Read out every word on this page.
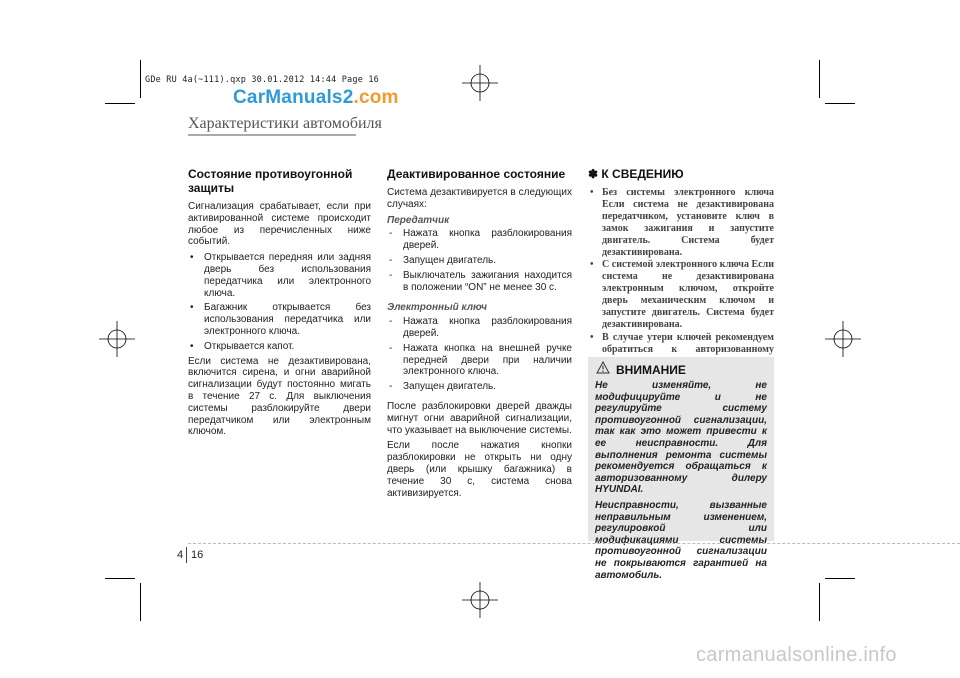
GDe RU 4a(~111).qxp 30.01.2012 14:44 Page 16
CarManuals2.com
Характеристики автомобиля
Состояние противоугонной защиты

Сигнализация срабатывает, если при активированной системе происходит любое из перечисленных ниже событий.

• Открывается передняя или задняя дверь без использования передатчика или электронного ключа.
• Багажник открывается без использования передатчика или электронного ключа.
• Открывается капот.

Если система не дезактивирована, включится сирена, и огни аварийной сигнализации будут постоянно мигать в течение 27 с. Для выключения системы разблокируйте двери передатчиком или электронным ключом.

Деактивированное состояние

Система дезактивируется в следующих случаях:

Передатчик
- Нажата кнопка разблокирования дверей.
- Запущен двигатель.
- Выключатель зажигания находится в положении “ON” не менее 30 с.
Электронный ключ
- Нажата кнопка разблокирования дверей.
- Нажата кнопка на внешней ручке передней двери при наличии электронного ключа.
- Запущен двигатель.

После разблокировки дверей дважды мигнут огни аварийной сигнализации, что указывает на выключение системы.

Если после нажатия кнопки разблокировки не открыть ни одну дверь (или крышку багажника) в течение 30 с, система снова активизируется.

✽ К СВЕДЕНИЮ
• Без системы электронного ключа Если система не дезактивирована передатчиком, установите ключ в замок зажигания и запустите двигатель. Система будет дезактивирована.
• С системой электронного ключа Если система не дезактивирована электронным ключом, откройте дверь механическим ключом и запустите двигатель. Система будет дезактивирована.
• В случае утери ключей рекомендуем обратиться к авторизованному
ВНИМАНИЕ

Не изменяйте, не модифицируйте и не регулируйте систему противоугонной сигнализации, так как это может привести к ее неисправности. Для выполнения ремонта системы рекомендуется обращаться к авторизованному дилеру HYUNDAI.

Неисправности, вызванные неправильным изменением, регулировкой или модификациями системы противоугонной сигнализации не покрываются гарантией на автомобиль.

4 16
carmanualsonline.info
